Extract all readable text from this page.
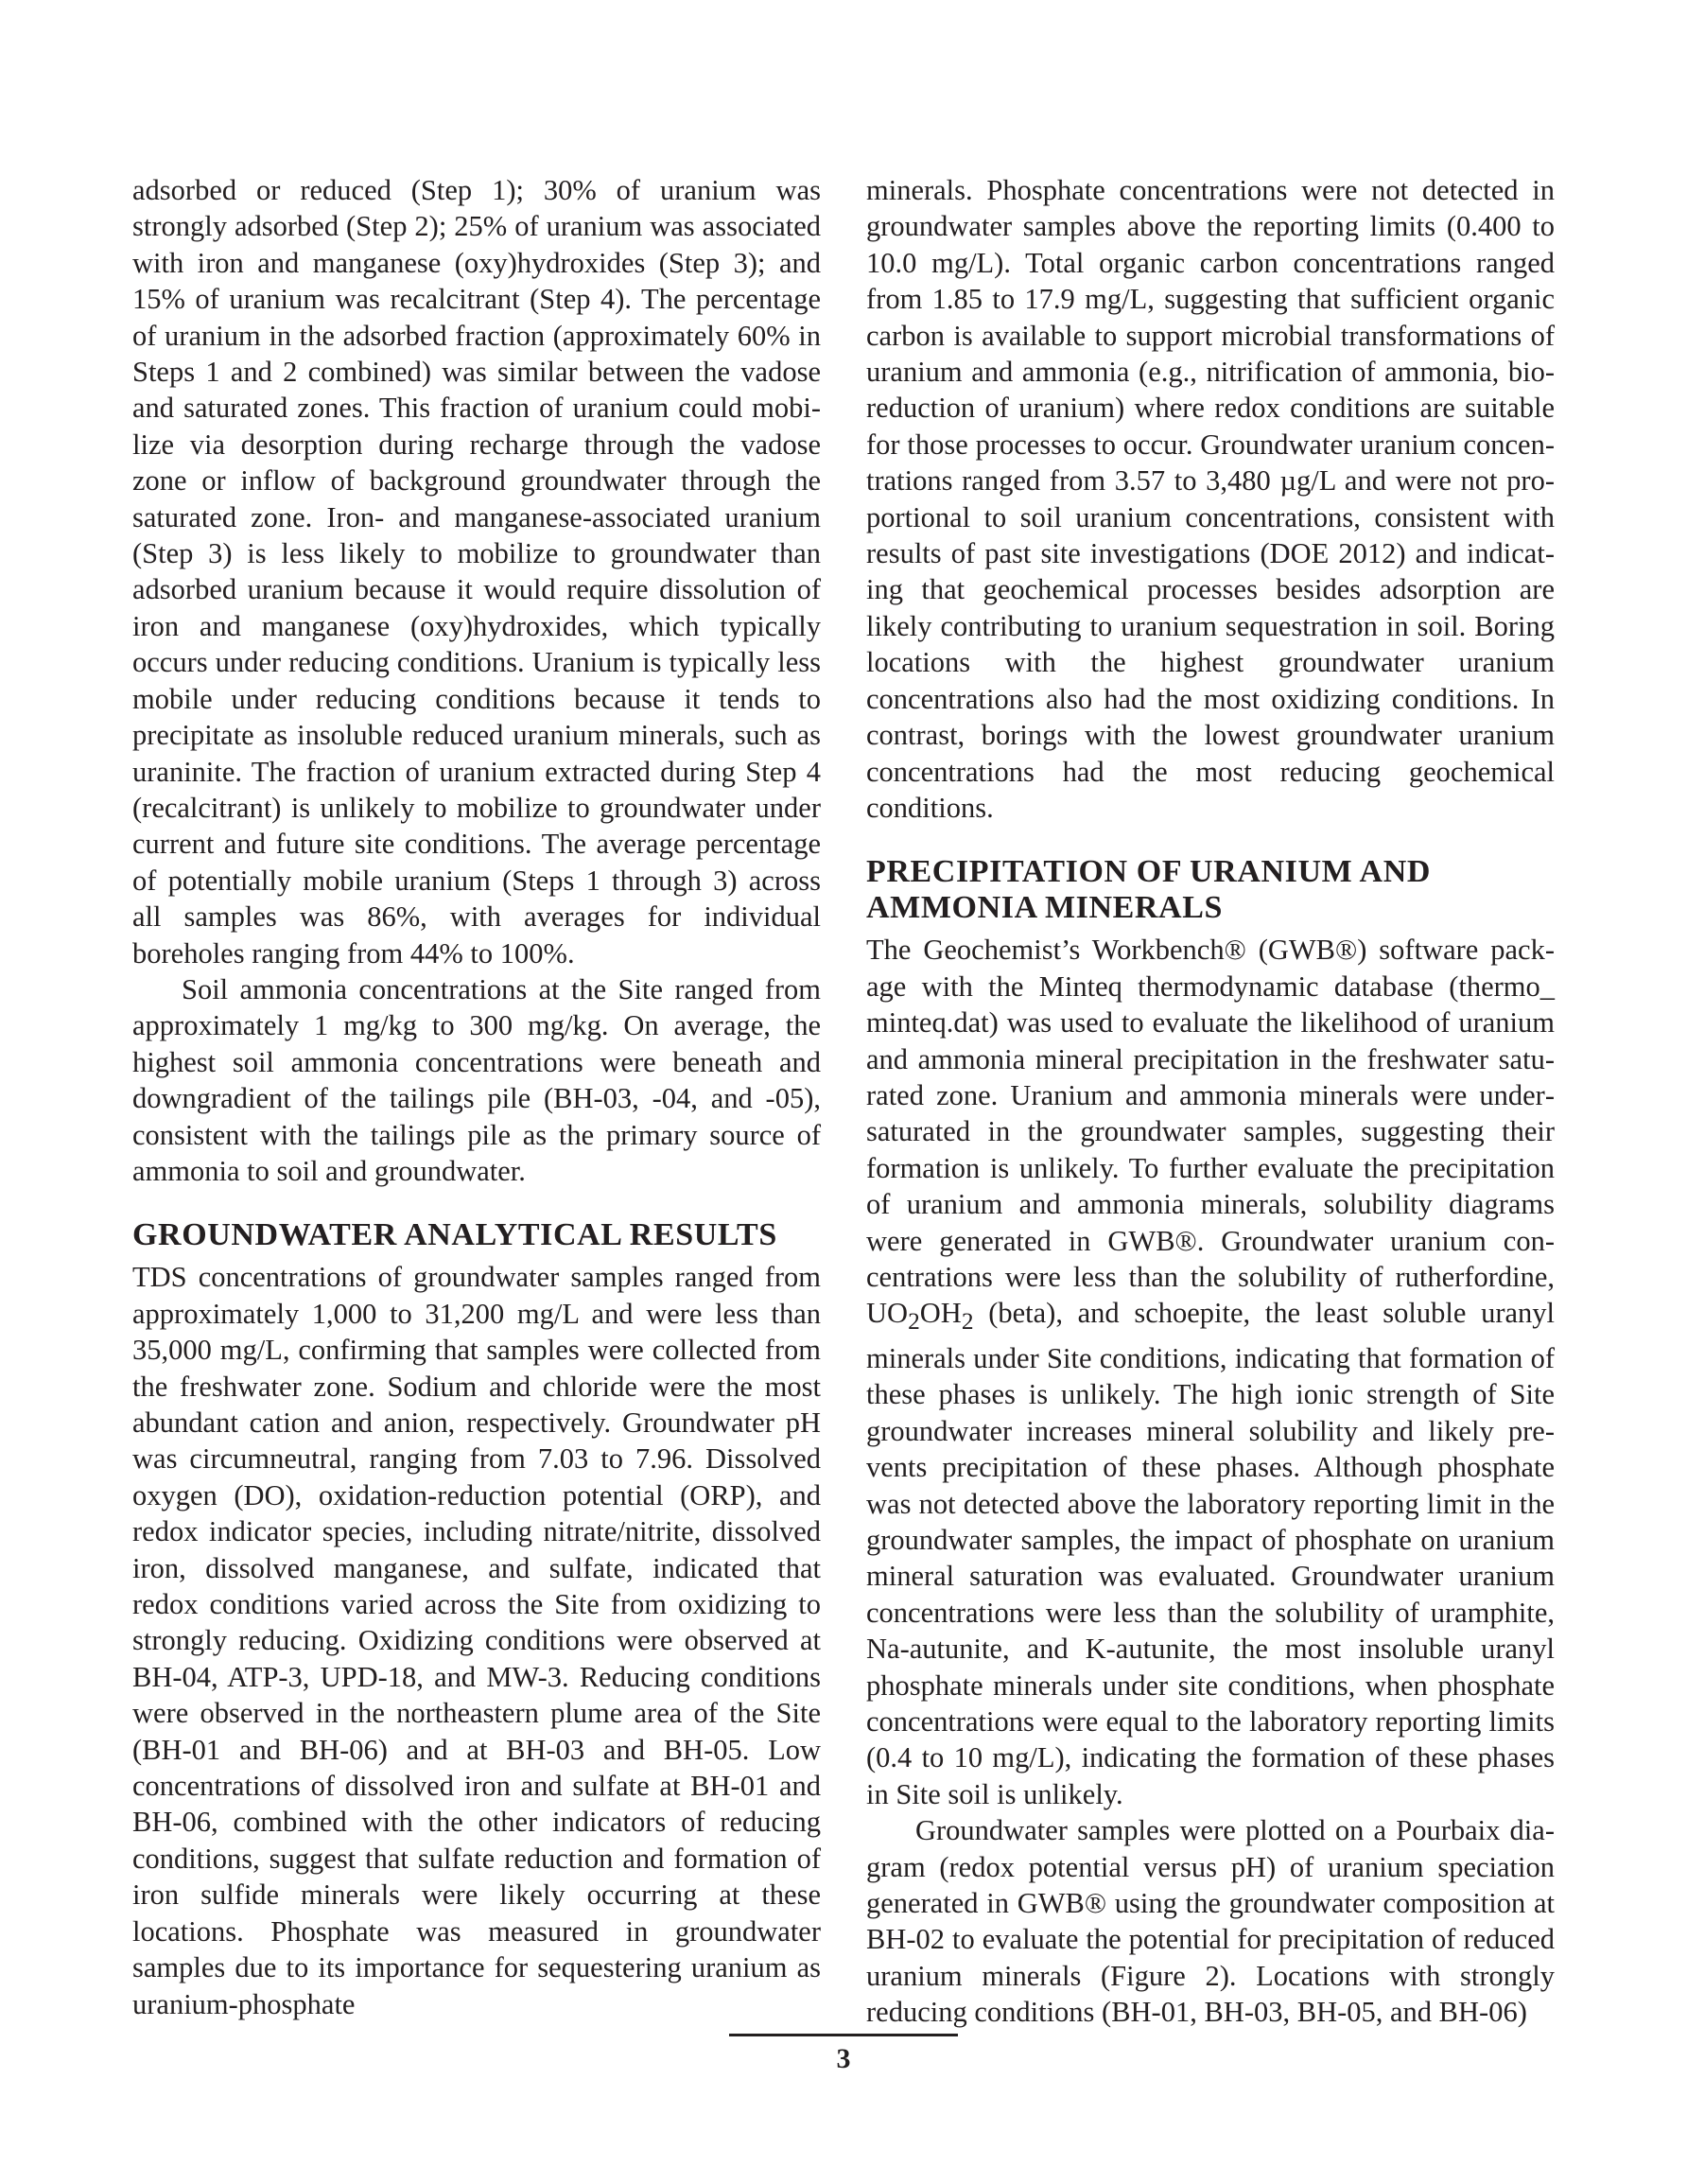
adsorbed or reduced (Step 1); 30% of uranium was strongly adsorbed (Step 2); 25% of uranium was associated with iron and manganese (oxy)hydroxides (Step 3); and 15% of uranium was recalcitrant (Step 4). The percentage of uranium in the adsorbed fraction (approximately 60% in Steps 1 and 2 combined) was similar between the vadose and saturated zones. This fraction of uranium could mobilize via desorption during recharge through the vadose zone or inflow of background groundwater through the saturated zone. Iron- and manganese-associated uranium (Step 3) is less likely to mobilize to groundwater than adsorbed uranium because it would require dissolution of iron and manganese (oxy)hydroxides, which typically occurs under reducing conditions. Uranium is typically less mobile under reducing conditions because it tends to precipitate as insoluble reduced uranium minerals, such as uraninite. The fraction of uranium extracted during Step 4 (recalcitrant) is unlikely to mobilize to groundwater under current and future site conditions. The average percentage of potentially mobile uranium (Steps 1 through 3) across all samples was 86%, with averages for individual boreholes ranging from 44% to 100%.

Soil ammonia concentrations at the Site ranged from approximately 1 mg/kg to 300 mg/kg. On average, the highest soil ammonia concentrations were beneath and downgradient of the tailings pile (BH-03, -04, and -05), consistent with the tailings pile as the primary source of ammonia to soil and groundwater.

GROUNDWATER ANALYTICAL RESULTS

TDS concentrations of groundwater samples ranged from approximately 1,000 to 31,200 mg/L and were less than 35,000 mg/L, confirming that samples were collected from the freshwater zone. Sodium and chloride were the most abundant cation and anion, respectively. Groundwater pH was circumneutral, ranging from 7.03 to 7.96. Dissolved oxygen (DO), oxidation-reduction potential (ORP), and redox indicator species, including nitrate/nitrite, dissolved iron, dissolved manganese, and sulfate, indicated that redox conditions varied across the Site from oxidizing to strongly reducing. Oxidizing conditions were observed at BH-04, ATP-3, UPD-18, and MW-3. Reducing conditions were observed in the northeastern plume area of the Site (BH-01 and BH-06) and at BH-03 and BH-05. Low concentrations of dissolved iron and sulfate at BH-01 and BH-06, combined with the other indicators of reducing conditions, suggest that sulfate reduction and formation of iron sulfide minerals were likely occurring at these locations. Phosphate was measured in groundwater samples due to its importance for sequestering uranium as uranium-phosphate

minerals. Phosphate concentrations were not detected in groundwater samples above the reporting limits (0.400 to 10.0 mg/L). Total organic carbon concentrations ranged from 1.85 to 17.9 mg/L, suggesting that sufficient organic carbon is available to support microbial transformations of uranium and ammonia (e.g., nitrification of ammonia, bioreduction of uranium) where redox conditions are suitable for those processes to occur. Groundwater uranium concentrations ranged from 3.57 to 3,480 µg/L and were not proportional to soil uranium concentrations, consistent with results of past site investigations (DOE 2012) and indicating that geochemical processes besides adsorption are likely contributing to uranium sequestration in soil. Boring locations with the highest groundwater uranium concentrations also had the most oxidizing conditions. In contrast, borings with the lowest groundwater uranium concentrations had the most reducing geochemical conditions.

PRECIPITATION OF URANIUM AND
AMMONIA MINERALS

The Geochemist’s Workbench® (GWB®) software package with the Minteq thermodynamic database (thermo_ minteq.dat) was used to evaluate the likelihood of uranium and ammonia mineral precipitation in the freshwater saturated zone. Uranium and ammonia minerals were undersaturated in the groundwater samples, suggesting their formation is unlikely. To further evaluate the precipitation of uranium and ammonia minerals, solubility diagrams were generated in GWB®. Groundwater uranium concentrations were less than the solubility of rutherfordine, $UO_2OH_2$ (beta), and schoepite, the least soluble uranyl minerals under Site conditions, indicating that formation of these phases is unlikely. The high ionic strength of Site groundwater increases mineral solubility and likely prevents precipitation of these phases. Although phosphate was not detected above the laboratory reporting limit in the groundwater samples, the impact of phosphate on uranium mineral saturation was evaluated. Groundwater uranium concentrations were less than the solubility of uramphite, Na-autunite, and K-autunite, the most insoluble uranyl phosphate minerals under site conditions, when phosphate concentrations were equal to the laboratory reporting limits (0.4 to 10 mg/L), indicating the formation of these phases in Site soil is unlikely.

Groundwater samples were plotted on a Pourbaix diagram (redox potential versus pH) of uranium speciation generated in GWB® using the groundwater composition at BH-02 to evaluate the potential for precipitation of reduced uranium minerals (Figure 2). Locations with strongly reducing conditions (BH-01, BH-03, BH-05, and BH-06)

3
